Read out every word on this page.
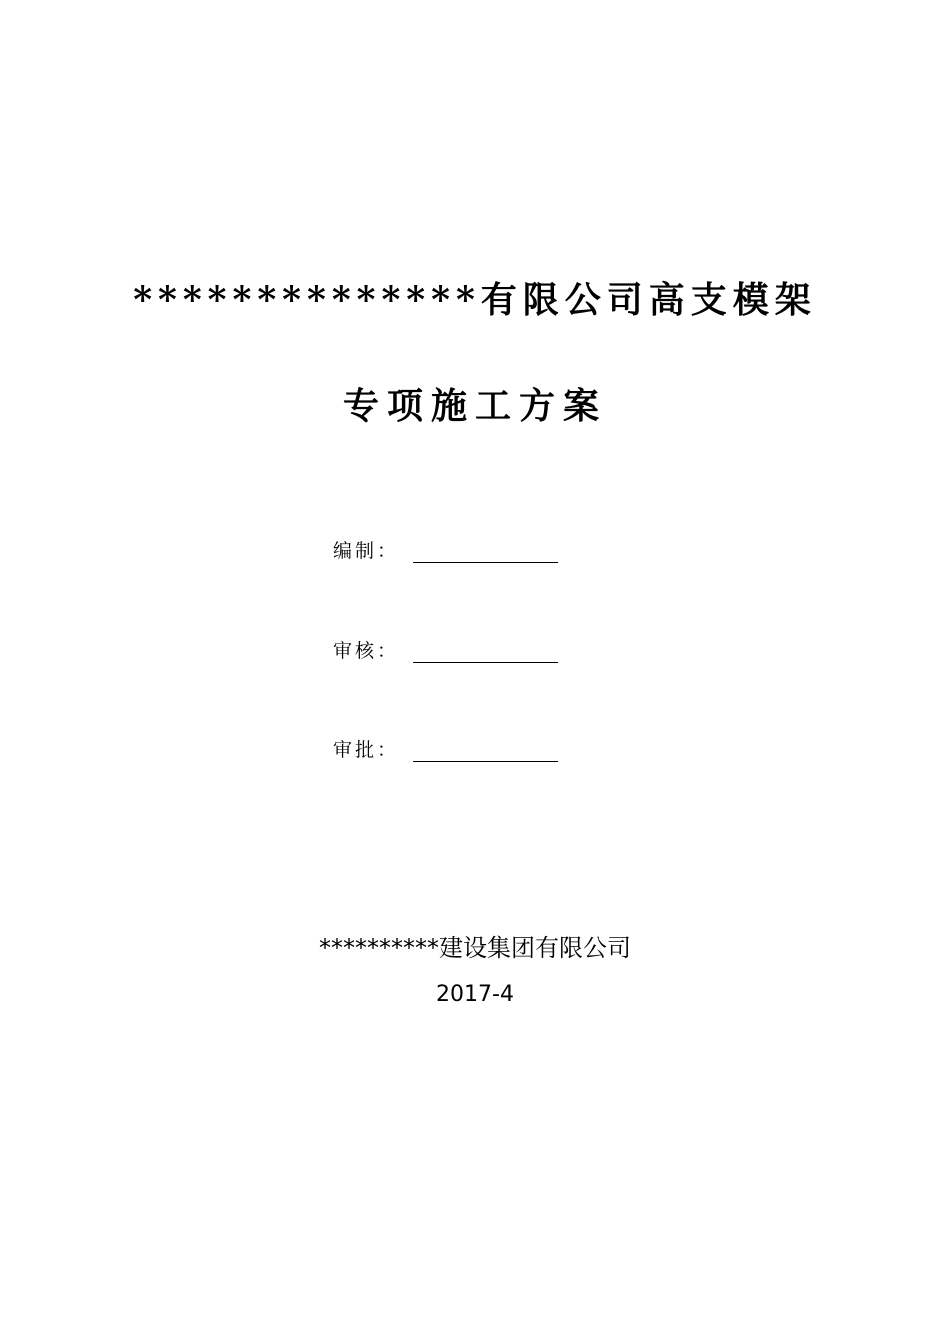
**************有限公司高支模架
专项施工方案
编制：
审核：
审批：
**********建设集团有限公司
2017-4
